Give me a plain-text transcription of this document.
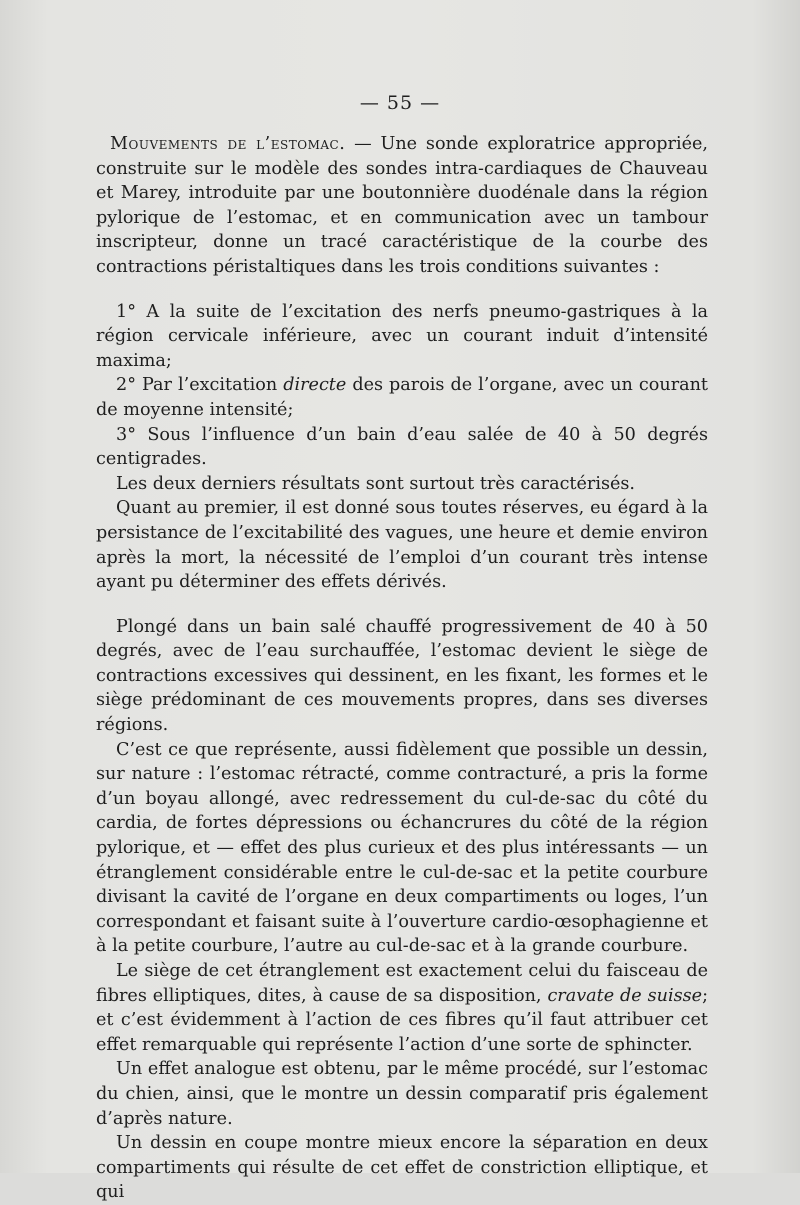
— 55 —

Mouvements de l’estomac. — Une sonde exploratrice appropriée, construite sur le modèle des sondes intra-cardiaques de Chauveau et Marey, introduite par une boutonnière duodénale dans la région pylorique de l’estomac, et en communication avec un tambour inscripteur, donne un tracé caractéristique de la courbe des contractions péristaltiques dans les trois conditions suivantes :

1° A la suite de l’excitation des nerfs pneumo-gastriques à la région cervicale inférieure, avec un courant induit d’intensité maxima;

2° Par l’excitation directe des parois de l’organe, avec un courant de moyenne intensité;

3° Sous l’influence d’un bain d’eau salée de 40 à 50 degrés centigrades.

Les deux derniers résultats sont surtout très caractérisés.

Quant au premier, il est donné sous toutes réserves, eu égard à la persistance de l’excitabilité des vagues, une heure et demie environ après la mort, la nécessité de l’emploi d’un courant très intense ayant pu déterminer des effets dérivés.

Plongé dans un bain salé chauffé progressivement de 40 à 50 degrés, avec de l’eau surchauffée, l’estomac devient le siège de contractions excessives qui dessinent, en les fixant, les formes et le siège prédominant de ces mouvements propres, dans ses diverses régions.

C’est ce que représente, aussi fidèlement que possible un dessin, sur nature : l’estomac rétracté, comme contracturé, a pris la forme d’un boyau allongé, avec redressement du cul-de-sac du côté du cardia, de fortes dépressions ou échancrures du côté de la région pylorique, et — effet des plus curieux et des plus intéressants — un étranglement considérable entre le cul-de-sac et la petite courbure divisant la cavité de l’organe en deux compartiments ou loges, l’un correspondant et faisant suite à l’ouverture cardio-œsophagienne et à la petite courbure, l’autre au cul-de-sac et à la grande courbure.

Le siège de cet étranglement est exactement celui du faisceau de fibres elliptiques, dites, à cause de sa disposition, cravate de suisse; et c’est évidemment à l’action de ces fibres qu’il faut attribuer cet effet remarquable qui représente l’action d’une sorte de sphincter.

Un effet analogue est obtenu, par le même procédé, sur l’estomac du chien, ainsi, que le montre un dessin comparatif pris également d’après nature.

Un dessin en coupe montre mieux encore la séparation en deux compartiments qui résulte de cet effet de constriction elliptique, et qui
